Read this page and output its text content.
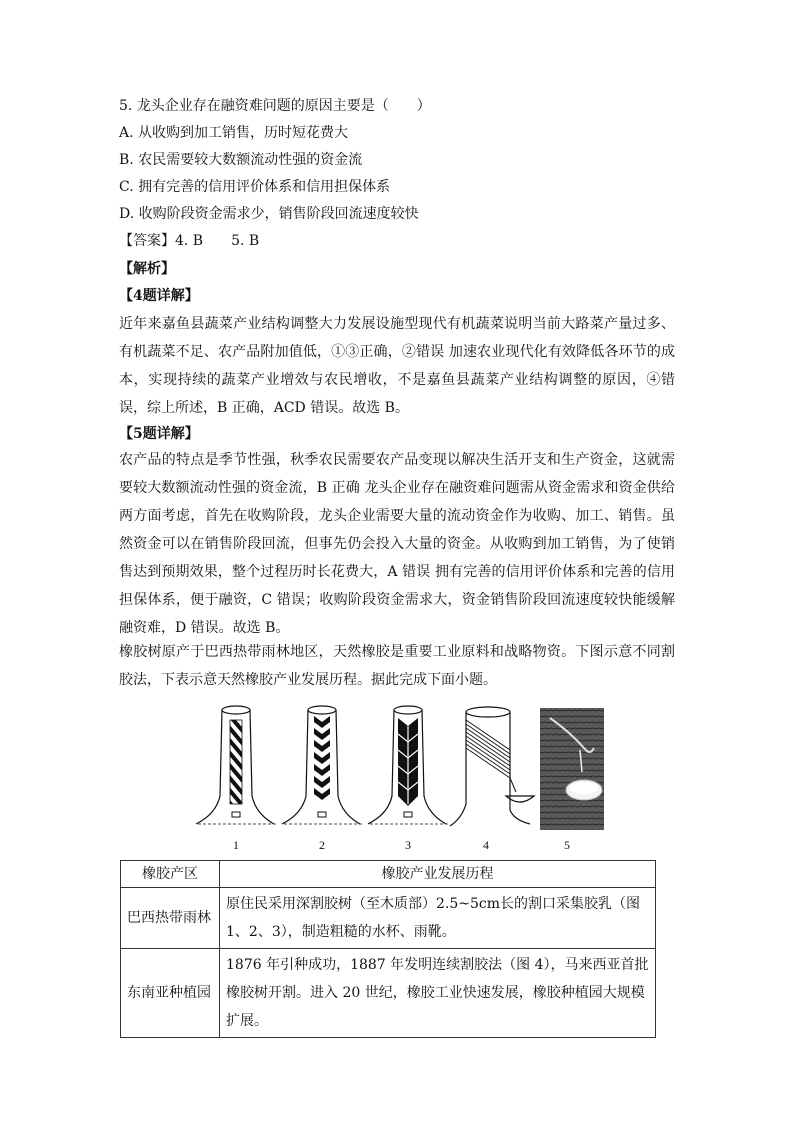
5. 龙头企业存在融资难问题的原因主要是（　　）
A. 从收购到加工销售，历时短花费大
B. 农民需要较大数额流动性强的资金流
C. 拥有完善的信用评价体系和信用担保体系
D. 收购阶段资金需求少，销售阶段回流速度较快
【答案】4. B　　5. B
【解析】
【4题详解】
近年来嘉鱼县蔬菜产业结构调整大力发展设施型现代有机蔬菜说明当前大路菜产量过多、有机蔬菜不足、农产品附加值低，①③正确，②错误 加速农业现代化有效降低各环节的成本，实现持续的蔬菜产业增效与农民增收，不是嘉鱼县蔬菜产业结构调整的原因，④错误，综上所述，B 正确，ACD 错误。故选 B。
【5题详解】
农产品的特点是季节性强，秋季农民需要农产品变现以解决生活开支和生产资金，这就需要较大数额流动性强的资金流，B 正确 龙头企业存在融资难问题需从资金需求和资金供给两方面考虑，首先在收购阶段，龙头企业需要大量的流动资金作为收购、加工、销售。虽然资金可以在销售阶段回流，但事先仍会投入大量的资金。从收购到加工销售，为了使销售达到预期效果，整个过程历时长花费大，A 错误 拥有完善的信用评价体系和完善的信用担保体系，便于融资，C 错误；收购阶段资金需求大，资金销售阶段回流速度较快能缓解融资难，D 错误。故选 B。
橡胶树原产于巴西热带雨林地区，天然橡胶是重要工业原料和战略物资。下图示意不同割胶法，下表示意天然橡胶产业发展历程。据此完成下面小题。
1	2	3	4	5
橡胶产区	橡胶产业发展历程
巴西热带雨林	原住民采用深割胶树（至木质部）2.5~5cm长的割口采集胶乳（图 1、2、3），制造粗糙的水杯、雨靴。
东南亚种植园	1876 年引种成功，1887 年发明连续割胶法（图 4），马来西亚首批橡胶树开割。进入 20 世纪，橡胶工业快速发展，橡胶种植园大规模扩展。
